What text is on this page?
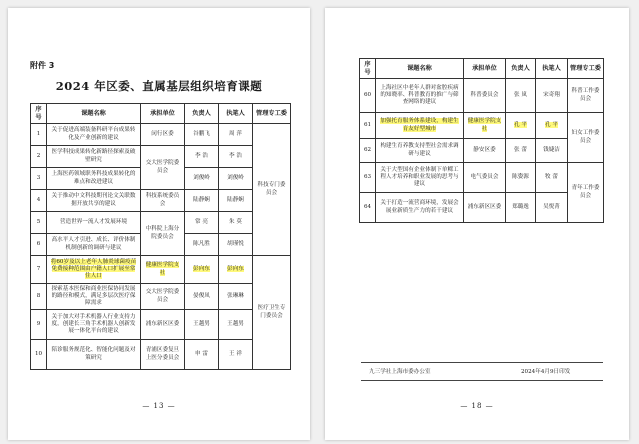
附件 3
2024 年区委、直属基层组织培育课题
序号	课题名称	承担单位	负责人	执笔人	管理专工委
1	关于促进高端装备科研平台成果转化及产业创新的建议	闵行区委	谷鹏飞	周 萍	科技专门委员会
2	医学科技成果转化新路径探索及破壁研究	交大医学院委员会	李 浩	李 浩	
3	上海医药领域职务科技成果转化的难点和改进建议		刘俊岭	刘俊岭	
4	关于推动中文科技期刊论文关联数据开放共享的建议	科技系统委员会	陆静娴	陆静娴	
5	营造世界一流人才发展环境	中科院上海分院委员会	常 亮	朱 莫	
6	高水平人才引进、成长、评价体制机制创新的调研与建议		陈凡胜	胡瑾悦	
7	将60岁及以上老年人肺炎球菌疫苗免费接种范围由户籍人口扩展至常住人口	健康医学院支社	彭向东	彭向东	医疗卫生专门委员会
8	探索基本医保和商业医保协同发展的路径和模式，满足多层次医疗保障需求	交大医学院委员会	晏俊凤	张琳琳	
9	关于加大对手术机器人行业支持力度，创建长三角手术机器人创新发展一体化平台的建议	浦东新区区委	王越男	王越男	
10	陪诊服务规范化、智能化问题及对策研究	青浦区委复旦上医分委员会	申 雷	王 祥	
— 13 —
序号	课题名称	承担单位	负责人	执笔人	管理专工委
60	上海社区中老年人群对盆腔疾病的知晓率、科普教育的推广与筛查网络的建议	科普委员会	张 岚	宋奇翔	科普工作委员会
61	加强托育服务体系建设，构建生育友好型城市	健康医学院支社	孔 平	孔 平	妇女工作委员会
62	构建生育养教支持型社会需求调研与建议	静安区委	张 蕾	钱婕洁	
63	关于大型国有企业体制下单鳏工程人才培养和职业发展的思考与建议	电气委员会	陈姿源	牧 蕾	青年工作委员会
64	关于打造一流营商环境，发展会展业新质生产力的若干建议	浦东新区区委	郑璐逸	吴悦菁	
九三学社上海市委办公室	2024年4月9日印发
— 18 —
